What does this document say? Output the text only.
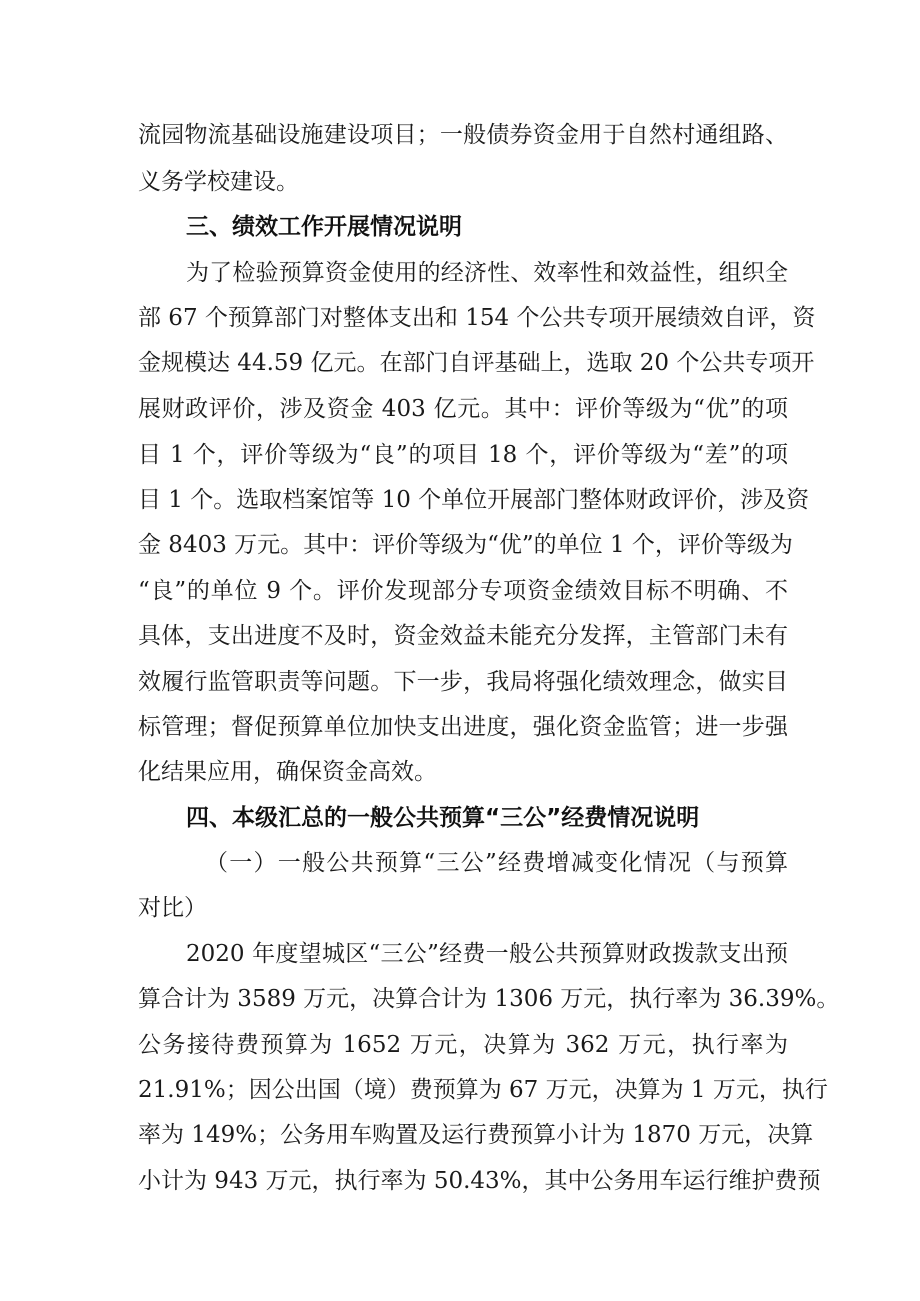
流园物流基础设施建设项目；一般债券资金用于自然村通组路、
义务学校建设。
三、绩效工作开展情况说明
为了检验预算资金使用的经济性、效率性和效益性，组织全
部 67 个预算部门对整体支出和 154 个公共专项开展绩效自评，资
金规模达 44.59 亿元。在部门自评基础上，选取 20 个公共专项开
展财政评价，涉及资金 403 亿元。其中：评价等级为“优”的项
目 1 个，评价等级为“良”的项目 18 个，评价等级为“差”的项
目 1 个。选取档案馆等 10 个单位开展部门整体财政评价，涉及资
金 8403 万元。其中：评价等级为“优”的单位 1 个，评价等级为
“良”的单位 9 个。评价发现部分专项资金绩效目标不明确、不
具体，支出进度不及时，资金效益未能充分发挥，主管部门未有
效履行监管职责等问题。下一步，我局将强化绩效理念，做实目
标管理；督促预算单位加快支出进度，强化资金监管；进一步强
化结果应用，确保资金高效。
四、本级汇总的一般公共预算“三公”经费情况说明
（一）一般公共预算“三公”经费增减变化情况（与预算
对比）
2020 年度望城区“三公”经费一般公共预算财政拨款支出预
算合计为 3589 万元，决算合计为 1306 万元，执行率为 36.39%。
公务接待费预算为 1652 万元，决算为 362 万元，执行率为
21.91%；因公出国（境）费预算为 67 万元，决算为 1 万元，执行
率为 149%；公务用车购置及运行费预算小计为 1870 万元，决算
小计为 943 万元，执行率为 50.43%，其中公务用车运行维护费预
